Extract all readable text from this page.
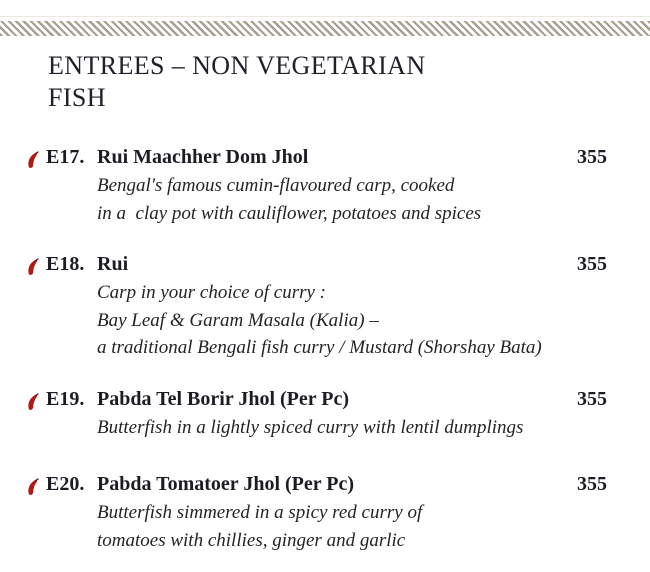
ENTREES – NON VEGETARIAN
FISH
E17. Rui Maachher Dom Jhol	355
Bengal's famous cumin-flavoured carp, cooked
in a  clay pot with cauliflower, potatoes and spices
E18. Rui	355
Carp in your choice of curry :
Bay Leaf & Garam Masala (Kalia) –
a traditional Bengali fish curry / Mustard (Shorshay Bata)
E19. Pabda Tel Borir Jhol (Per Pc)	355
Butterfish in a lightly spiced curry with lentil dumplings
E20. Pabda Tomatoer Jhol (Per Pc)	355
Butterfish simmered in a spicy red curry of
tomatoes with chillies, ginger and garlic
